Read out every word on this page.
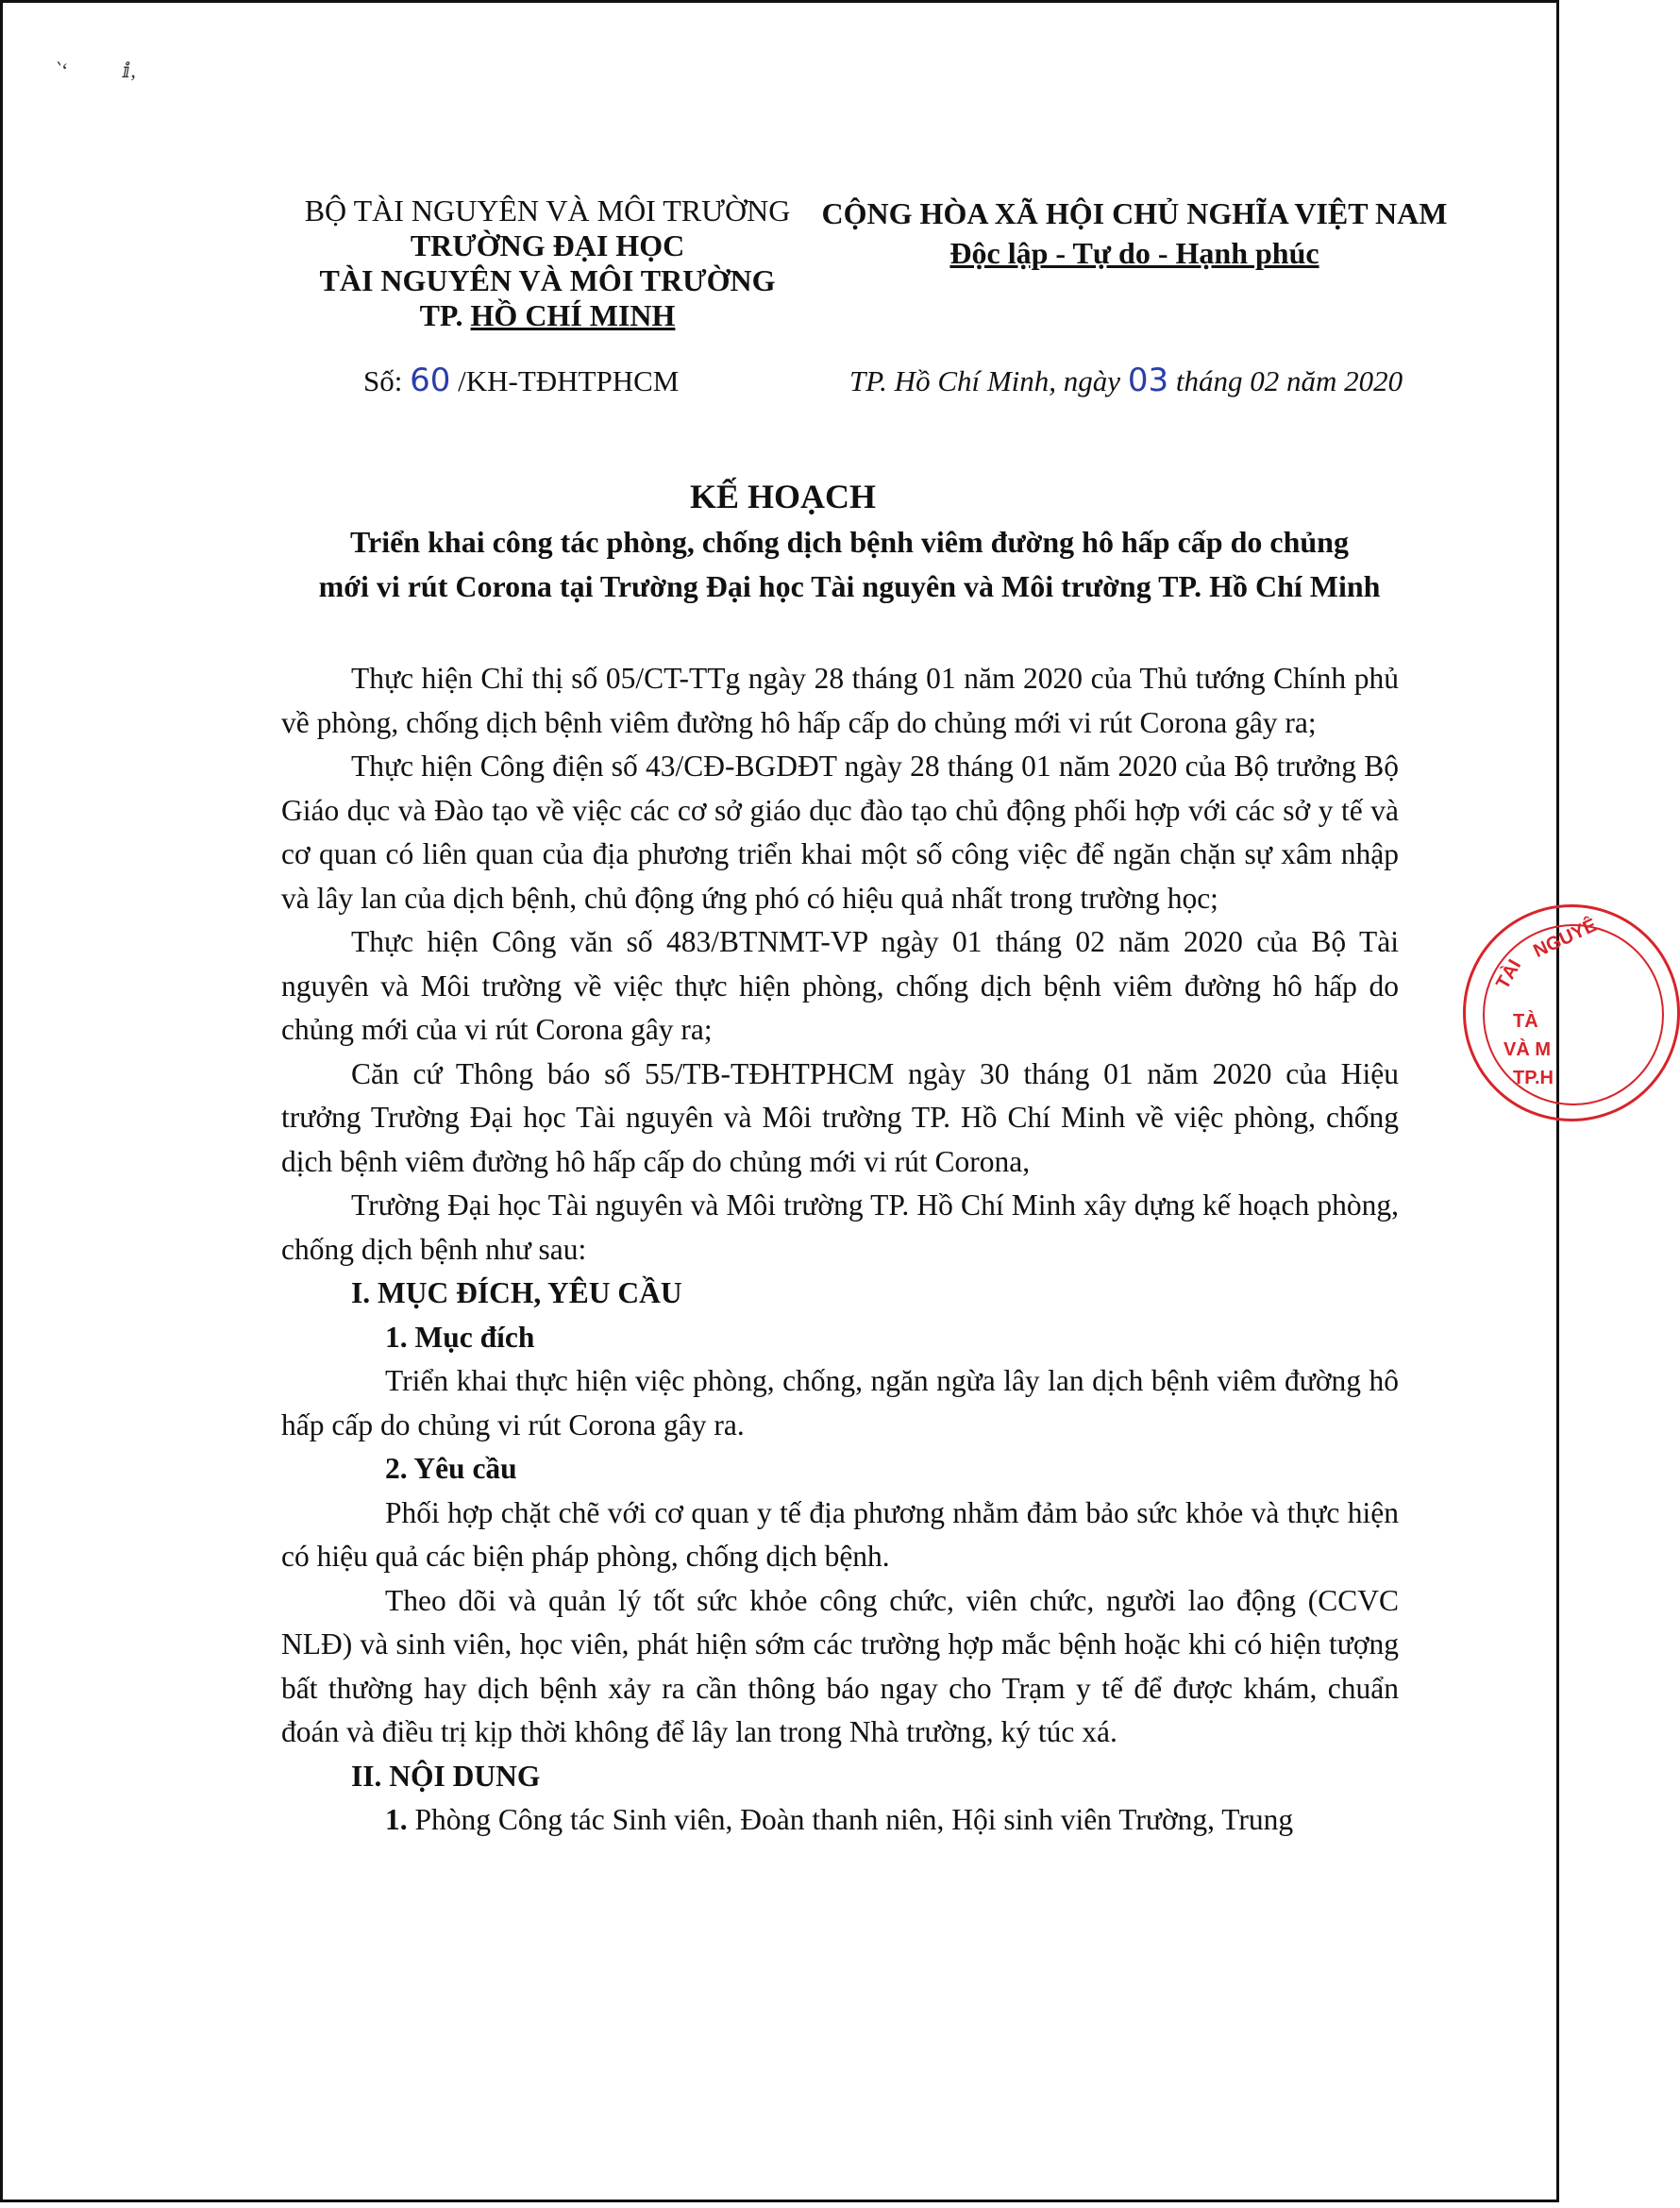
‵‘	ⅈ,
BỘ TÀI NGUYÊN VÀ MÔI TRƯỜNG
TRƯỜNG ĐẠI HỌC
TÀI NGUYÊN VÀ MÔI TRƯỜNG
TP. HỒ CHÍ MINH
CỘNG HÒA XÃ HỘI CHỦ NGHĨA VIỆT NAM
Độc lập - Tự do - Hạnh phúc
Số: 60 /KH-TĐHTPHCM	TP. Hồ Chí Minh, ngày 03 tháng 02 năm 2020
KẾ HOẠCH
Triển khai công tác phòng, chống dịch bệnh viêm đường hô hấp cấp do chủng
mới vi rút Corona tại Trường Đại học Tài nguyên và Môi trường TP. Hồ Chí Minh

Thực hiện Chỉ thị số 05/CT-TTg ngày 28 tháng 01 năm 2020 của Thủ tướng Chính phủ về phòng, chống dịch bệnh viêm đường hô hấp cấp do chủng mới vi rút Corona gây ra;

Thực hiện Công điện số 43/CĐ-BGDĐT ngày 28 tháng 01 năm 2020 của Bộ trưởng Bộ Giáo dục và Đào tạo về việc các cơ sở giáo dục đào tạo chủ động phối hợp với các sở y tế và cơ quan có liên quan của địa phương triển khai một số công việc để ngăn chặn sự xâm nhập và lây lan của dịch bệnh, chủ động ứng phó có hiệu quả nhất trong trường học;

Thực hiện Công văn số 483/BTNMT-VP ngày 01 tháng 02 năm 2020 của Bộ Tài nguyên và Môi trường về việc thực hiện phòng, chống dịch bệnh viêm đường hô hấp do chủng mới của vi rút Corona gây ra;

Căn cứ Thông báo số 55/TB-TĐHTPHCM ngày 30 tháng 01 năm 2020 của Hiệu trưởng Trường Đại học Tài nguyên và Môi trường TP. Hồ Chí Minh về việc phòng, chống dịch bệnh viêm đường hô hấp cấp do chủng mới vi rút Corona,

Trường Đại học Tài nguyên và Môi trường TP. Hồ Chí Minh xây dựng kế hoạch phòng, chống dịch bệnh như sau:

I. MỤC ĐÍCH, YÊU CẦU

1. Mục đích

Triển khai thực hiện việc phòng, chống, ngăn ngừa lây lan dịch bệnh viêm đường hô hấp cấp do chủng vi rút Corona gây ra.

2. Yêu cầu

Phối hợp chặt chẽ với cơ quan y tế địa phương nhằm đảm bảo sức khỏe và thực hiện có hiệu quả các biện pháp phòng, chống dịch bệnh.

Theo dõi và quản lý tốt sức khỏe công chức, viên chức, người lao động (CCVC NLĐ) và sinh viên, học viên, phát hiện sớm các trường hợp mắc bệnh hoặc khi có hiện tượng bất thường hay dịch bệnh xảy ra cần thông báo ngay cho Trạm y tế để được khám, chuẩn đoán và điều trị kịp thời không để lây lan trong Nhà trường, ký túc xá.

II. NỘI DUNG

1. Phòng Công tác Sinh viên, Đoàn thanh niên, Hội sinh viên Trường, Trung

TÀI
NGUYÊ
TÀ
VÀ M
TP.H
